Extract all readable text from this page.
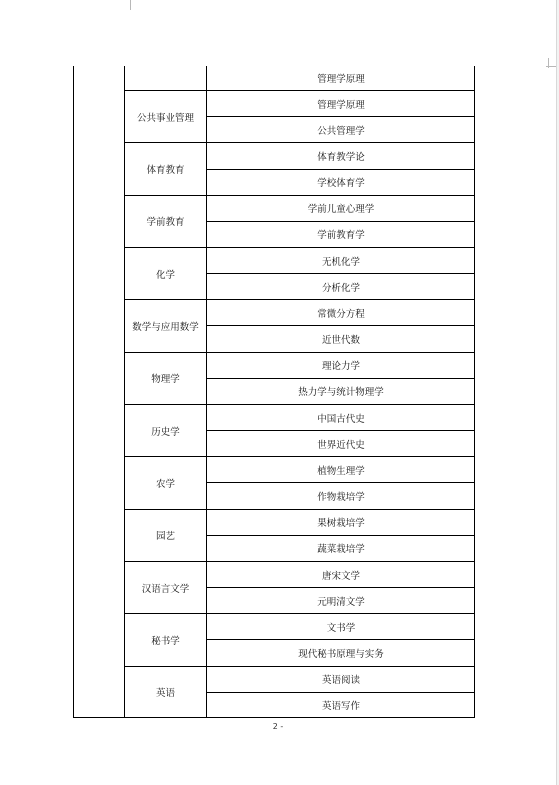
管理学原理
公共事业管理
管理学原理
公共管理学
体育教育
体育教学论
学校体育学
学前教育
学前儿童心理学
学前教育学
化学
无机化学
分析化学
数学与应用数学
常微分方程
近世代数
物理学
理论力学
热力学与统计物理学
历史学
中国古代史
世界近代史
农学
植物生理学
作物栽培学
园艺
果树栽培学
蔬菜栽培学
汉语言文学
唐宋文学
元明清文学
秘书学
文书学
现代秘书原理与实务
英语
英语阅读
英语写作
2 -
